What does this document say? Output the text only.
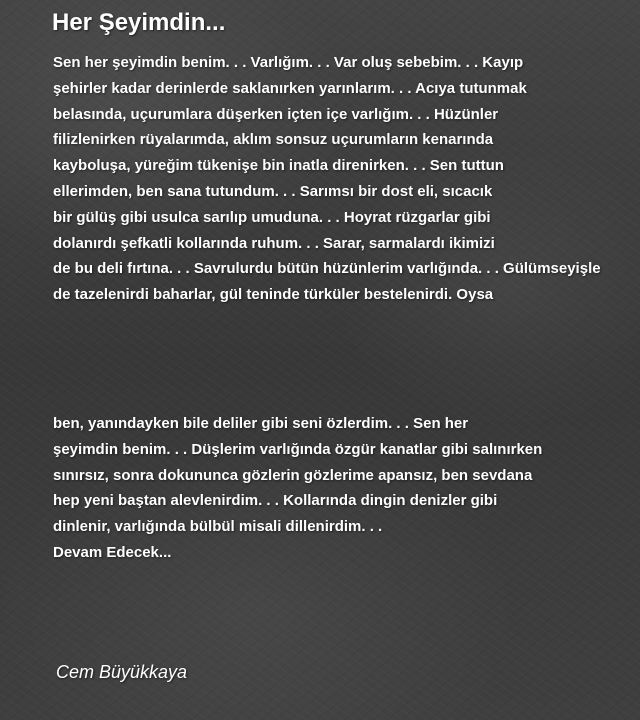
Her Şeyimdin...
Sen her şeyimdin benim. . . Varlığım. . . Var oluş sebebim. . . Kayıp
şehirler kadar derinlerde saklanırken yarınlarım. . . Acıya tutunmak
belasında, uçurumlara düşerken içten içe varlığım. . . Hüzünler
filizlenirken rüyalarımda, aklım sonsuz uçurumların kenarında
kayboluşa, yüreğim tükenişe bin inatla direnirken. . . Sen tuttun
ellerimden, ben sana tutundum. . . Sarımsı bir dost eli, sıcacık
bir gülüş gibi usulca sarılıp umuduna. . . Hoyrat rüzgarlar gibi
dolanırdı şefkatli kollarında ruhum. . . Sarar, sarmalardı ikimizi
de bu deli fırtına. . . Savrulurdu bütün hüzünlerim varlığında. . . Gülümseyişle
de tazelenirdi baharlar, gül teninde türküler bestelenirdi. Oysa
ben, yanındayken bile deliler gibi seni özlerdim. . . Sen her
şeyimdin benim. . . Düşlerim varlığında özgür kanatlar gibi salınırken
sınırsız, sonra dokununca gözlerin gözlerime apansız, ben sevdana
hep yeni baştan alevlenirdim. . . Kollarında dingin denizler gibi
dinlenir, varlığında bülbül misali dillenirdim. . .
Devam Edecek...

Cem Büyükkaya
